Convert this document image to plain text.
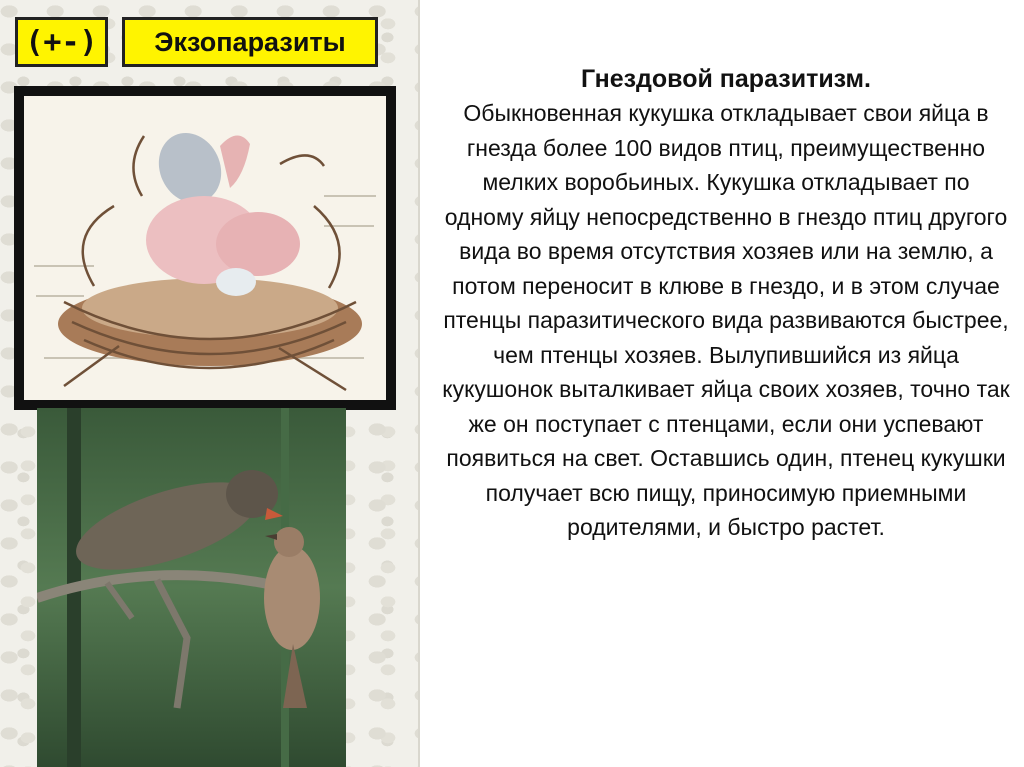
(+-)	Экзопаразиты
Гнездовой паразитизм.
Обыкновенная кукушка откладывает свои яйца в гнезда более 100 видов птиц, преимущественно мелких воробьиных. Кукушка откладывает по одному яйцу непосредственно в гнездо птиц другого вида во время отсутствия хозяев или на землю, а потом переносит в клюве в гнездо, и в этом случае птенцы паразитического вида развиваются быстрее, чем птенцы хозяев. Вылупившийся из яйца кукушонок выталкивает яйца своих хозяев, точно так же он поступает с птенцами, если они успевают появиться на свет. Оставшись один, птенец кукушки получает всю пищу, приносимую приемными родителями, и быстро растет.
